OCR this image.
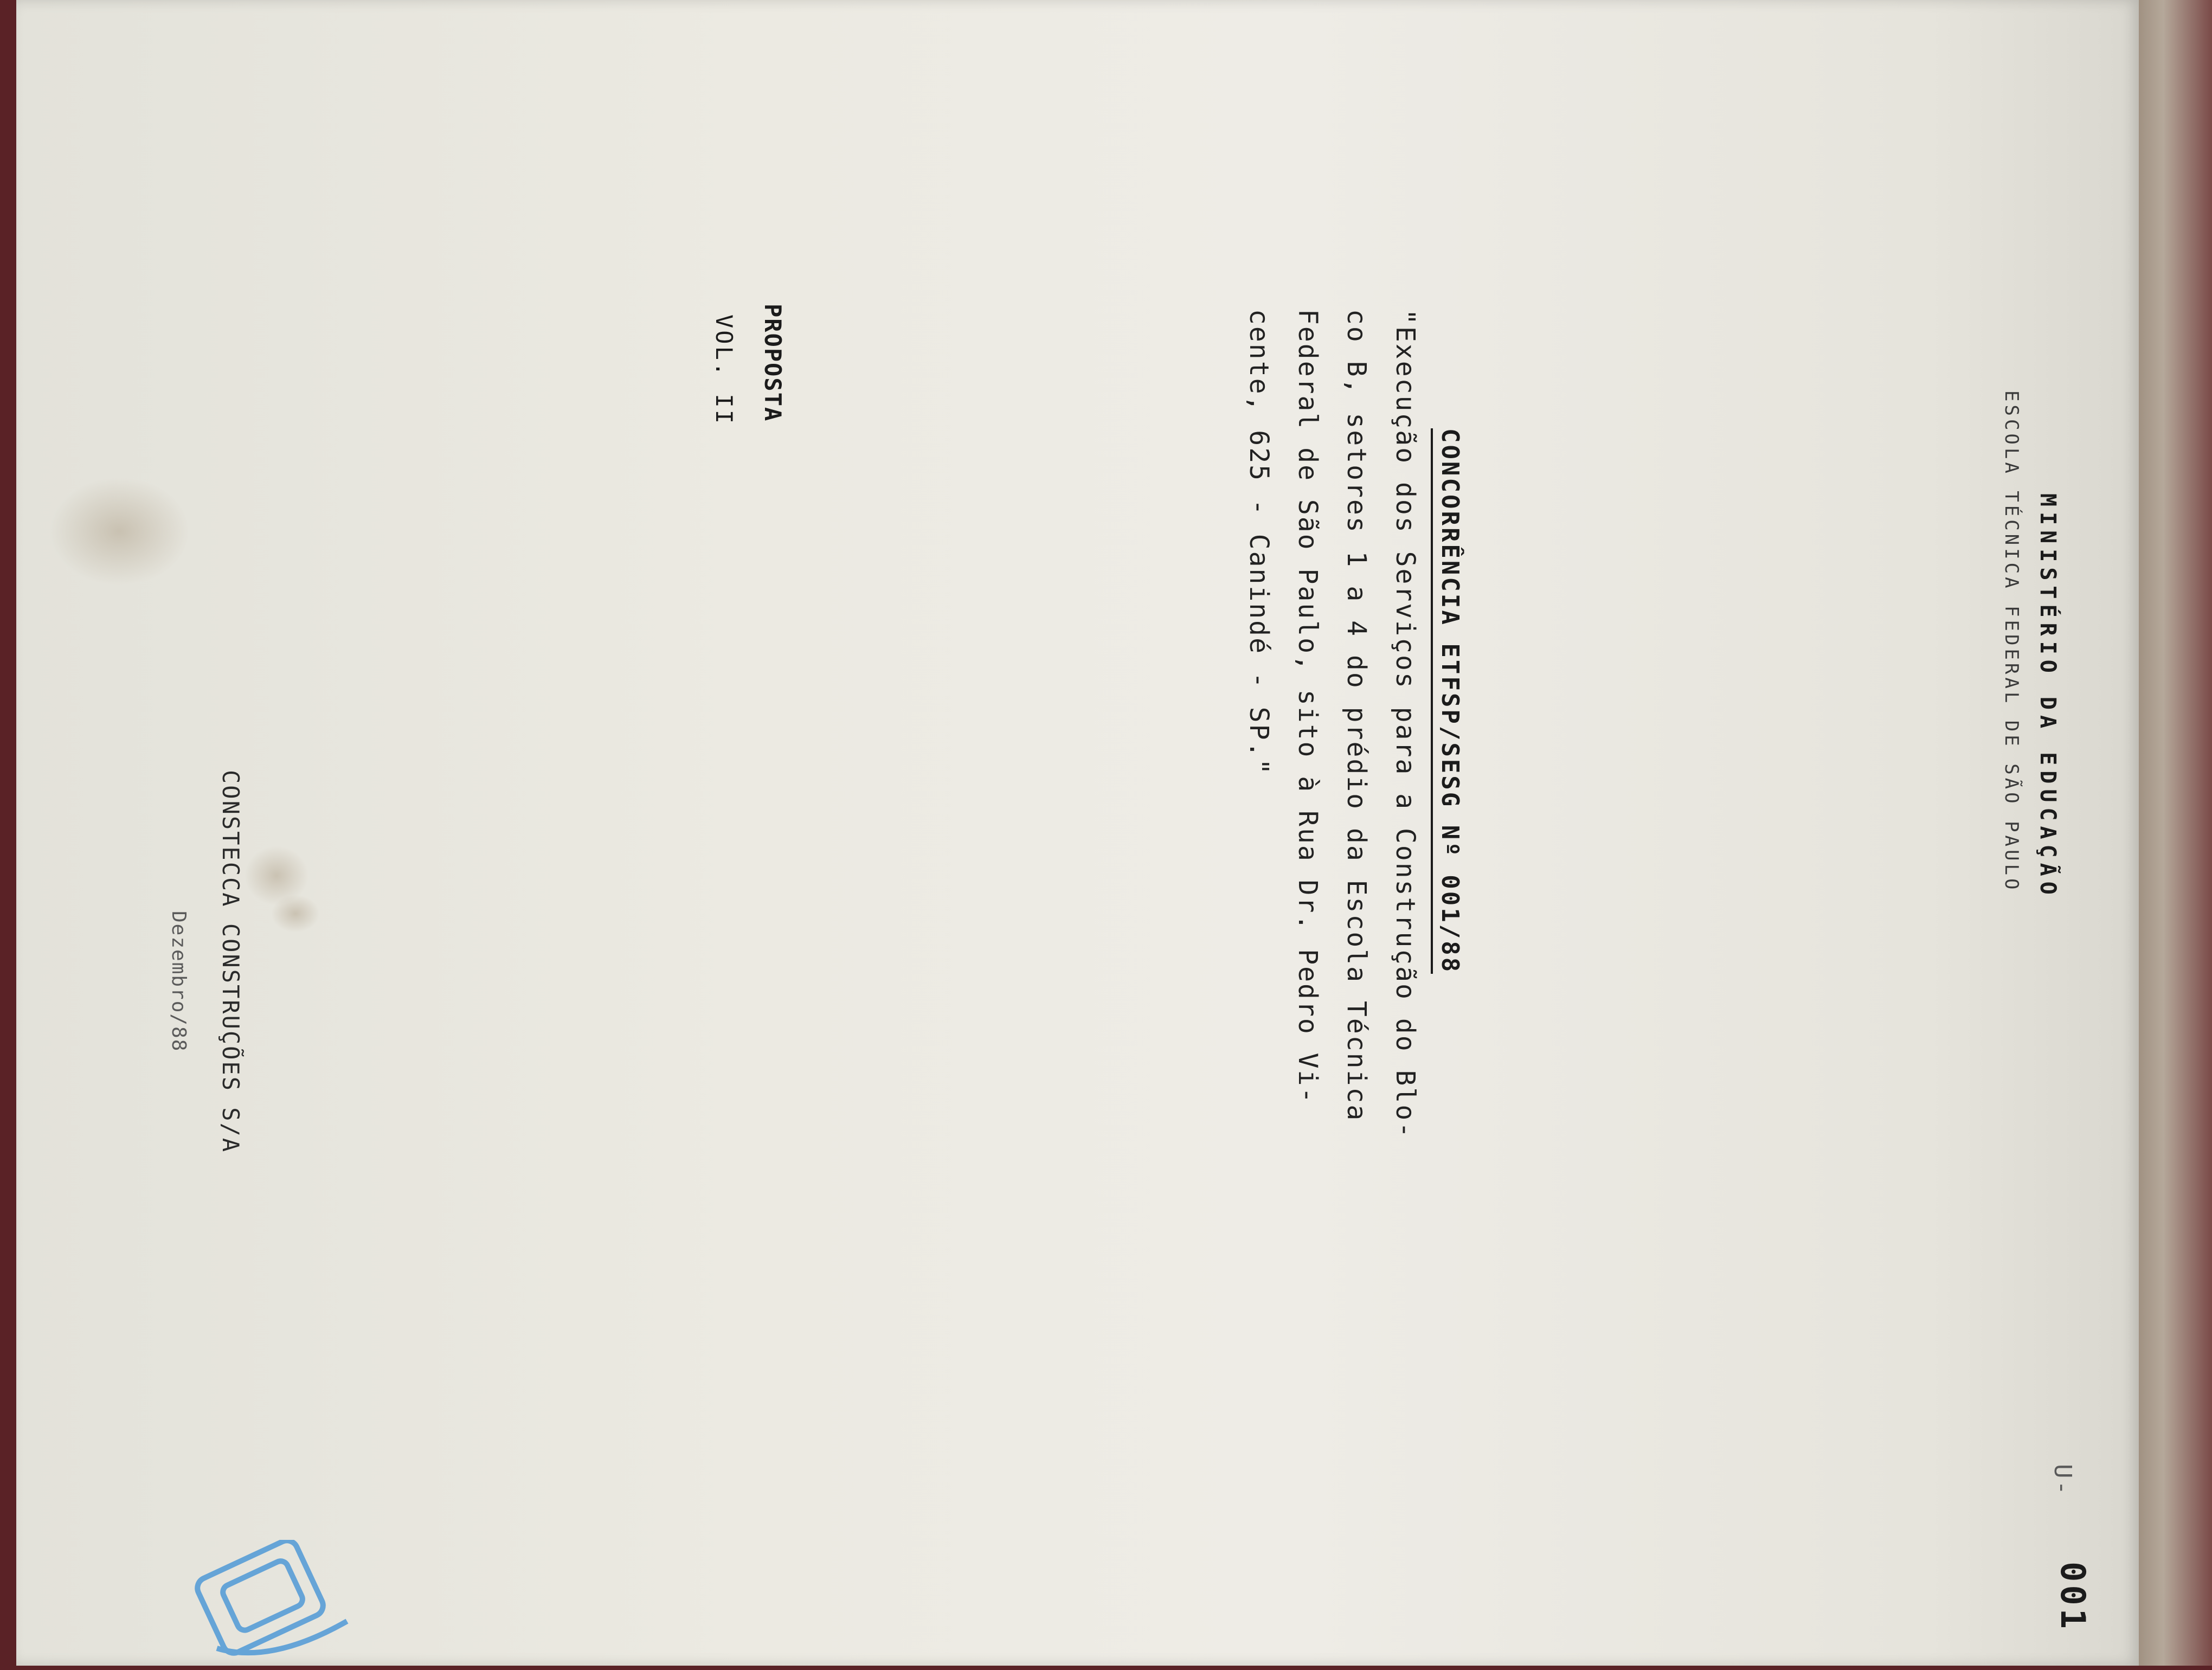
MINISTÉRIO DA EDUCAÇÃO
ESCOLA TÉCNICA FEDERAL DE SÃO PAULO
U-
001
CONCORRÊNCIA ETFSP/SESG Nº 001/88
"Execução dos Serviços para a Construção do Blo-
co B, setores 1 a 4 do prédio da Escola Técnica
Federal de São Paulo, sito à Rua Dr. Pedro Vi-
cente, 625 - Canindé - SP."
PROPOSTA
VOL. II
CONSTECCA CONSTRUÇÕES S/A
Dezembro/88
